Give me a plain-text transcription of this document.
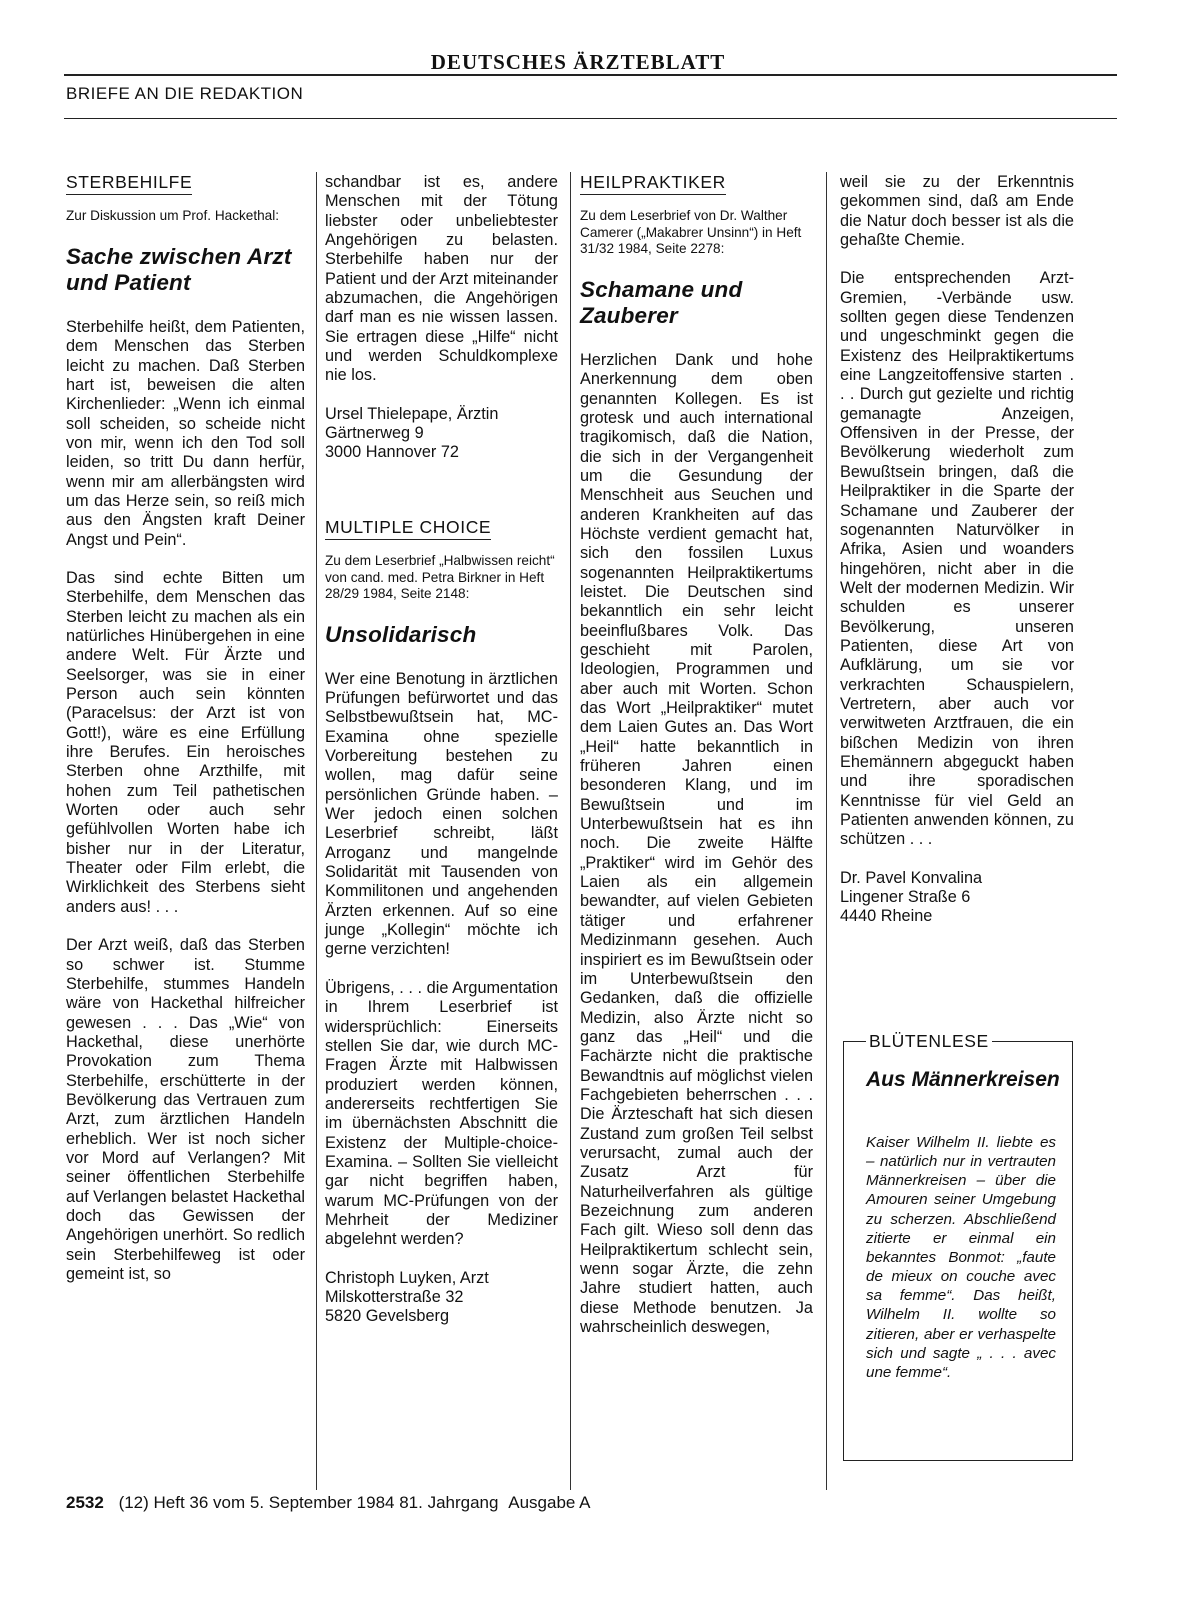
DEUTSCHES ÄRZTEBLATT
BRIEFE AN DIE REDAKTION
STERBEHILFE

Zur Diskussion um Prof. Hackethal:

Sache zwischen Arzt und Patient

Sterbehilfe heißt, dem Patienten, dem Menschen das Sterben leicht zu machen. Daß Sterben hart ist, beweisen die alten Kirchenlieder: „Wenn ich einmal soll scheiden, so scheide nicht von mir, wenn ich den Tod soll leiden, so tritt Du dann herfür, wenn mir am allerbängsten wird um das Herze sein, so reiß mich aus den Ängsten kraft Deiner Angst und Pein“.

Das sind echte Bitten um Sterbehilfe, dem Menschen das Sterben leicht zu machen als ein natürliches Hinübergehen in eine andere Welt. Für Ärzte und Seelsorger, was sie in einer Person auch sein könnten (Paracelsus: der Arzt ist von Gott!), wäre es eine Erfüllung ihre Berufes. Ein heroisches Sterben ohne Arzthilfe, mit hohen zum Teil pathetischen Worten oder auch sehr gefühlvollen Worten habe ich bisher nur in der Literatur, Theater oder Film erlebt, die Wirklichkeit des Sterbens sieht anders aus! . . .

Der Arzt weiß, daß das Sterben so schwer ist. Stumme Sterbehilfe, stummes Handeln wäre von Hackethal hilfreicher gewesen . . . Das „Wie“ von Hackethal, diese unerhörte Provokation zum Thema Sterbehilfe, erschütterte in der Bevölkerung das Vertrauen zum Arzt, zum ärztlichen Handeln erheblich. Wer ist noch sicher vor Mord auf Verlangen? Mit seiner öffentlichen Sterbehilfe auf Verlangen belastet Hackethal doch das Gewissen der Angehörigen unerhört. So redlich sein Sterbehilfeweg ist oder gemeint ist, so

schandbar ist es, andere Menschen mit der Tötung liebster oder unbeliebtester Angehörigen zu belasten. Sterbehilfe haben nur der Patient und der Arzt miteinander abzumachen, die Angehörigen darf man es nie wissen lassen. Sie ertragen diese „Hilfe“ nicht und werden Schuldkomplexe nie los.

Ursel Thielepape, Ärztin
Gärtnerweg 9
3000 Hannover 72
MULTIPLE CHOICE

Zu dem Leserbrief „Halbwissen reicht“ von cand. med. Petra Birkner in Heft 28/29 1984, Seite 2148:

Unsolidarisch

Wer eine Benotung in ärztlichen Prüfungen befürwortet und das Selbstbewußtsein hat, MC-Examina ohne spezielle Vorbereitung bestehen zu wollen, mag dafür seine persönlichen Gründe haben. – Wer jedoch einen solchen Leserbrief schreibt, läßt Arroganz und mangelnde Solidarität mit Tausenden von Kommilitonen und angehenden Ärzten erkennen. Auf so eine junge „Kollegin“ möchte ich gerne verzichten!

Übrigens, . . . die Argumentation in Ihrem Leserbrief ist widersprüchlich: Einerseits stellen Sie dar, wie durch MC-Fragen Ärzte mit Halbwissen produziert werden können, andererseits rechtfertigen Sie im übernächsten Abschnitt die Existenz der Multiple-choice-Examina. – Sollten Sie vielleicht gar nicht begriffen haben, warum MC-Prüfungen von der Mehrheit der Mediziner abgelehnt werden?

Christoph Luyken, Arzt
Milskotterstraße 32
5820 Gevelsberg
HEILPRAKTIKER

Zu dem Leserbrief von Dr. Walther Camerer („Makabrer Unsinn“) in Heft 31/32 1984, Seite 2278:

Schamane und Zauberer

Herzlichen Dank und hohe Anerkennung dem oben genannten Kollegen. Es ist grotesk und auch international tragikomisch, daß die Nation, die sich in der Vergangenheit um die Gesundung der Menschheit aus Seuchen und anderen Krankheiten auf das Höchste verdient gemacht hat, sich den fossilen Luxus sogenannten Heilpraktikertums leistet. Die Deutschen sind bekanntlich ein sehr leicht beeinflußbares Volk. Das geschieht mit Parolen, Ideologien, Programmen und aber auch mit Worten. Schon das Wort „Heilpraktiker“ mutet dem Laien Gutes an. Das Wort „Heil“ hatte bekanntlich in früheren Jahren einen besonderen Klang, und im Bewußtsein und im Unterbewußtsein hat es ihn noch. Die zweite Hälfte „Praktiker“ wird im Gehör des Laien als ein allgemein bewandter, auf vielen Gebieten tätiger und erfahrener Medizinmann gesehen. Auch inspiriert es im Bewußtsein oder im Unterbewußtsein den Gedanken, daß die offizielle Medizin, also Ärzte nicht so ganz das „Heil“ und die Fachärzte nicht die praktische Bewandtnis auf möglichst vielen Fachgebieten beherrschen . . . Die Ärzteschaft hat sich diesen Zustand zum großen Teil selbst verursacht, zumal auch der Zusatz Arzt für Naturheilverfahren als gültige Bezeichnung zum anderen Fach gilt. Wieso soll denn das Heilpraktikertum schlecht sein, wenn sogar Ärzte, die zehn Jahre studiert hatten, auch diese Methode benutzen. Ja wahrscheinlich deswegen,

weil sie zu der Erkenntnis gekommen sind, daß am Ende die Natur doch besser ist als die gehaßte Chemie.

Die entsprechenden Arzt-Gremien, -Verbände usw. sollten gegen diese Tendenzen und ungeschminkt gegen die Existenz des Heilpraktikertums eine Langzeitoffensive starten . . . Durch gut gezielte und richtig gemanagte Anzeigen, Offensiven in der Presse, der Bevölkerung wiederholt zum Bewußtsein bringen, daß die Heilpraktiker in die Sparte der Schamane und Zauberer der sogenannten Naturvölker in Afrika, Asien und woanders hingehören, nicht aber in die Welt der modernen Medizin. Wir schulden es unserer Bevölkerung, unseren Patienten, diese Art von Aufklärung, um sie vor verkrachten Schauspielern, Vertretern, aber auch vor verwitweten Arztfrauen, die ein bißchen Medizin von ihren Ehemännern abgeguckt haben und ihre sporadischen Kenntnisse für viel Geld an Patienten anwenden können, zu schützen . . .

Dr. Pavel Konvalina
Lingener Straße 6
4440 Rheine
BLÜTENLESE
Aus Männerkreisen
Kaiser Wilhelm II. liebte es – natürlich nur in vertrauten Männerkreisen – über die Amouren seiner Umgebung zu scherzen. Abschließend zitierte er einmal ein bekanntes Bonmot: „faute de mieux on couche avec sa femme“. Das heißt, Wilhelm II. wollte so zitieren, aber er verhaspelte sich und sagte „ . . . avec une femme“.
2532 (12) Heft 36 vom 5. September 1984 81. Jahrgang Ausgabe A
